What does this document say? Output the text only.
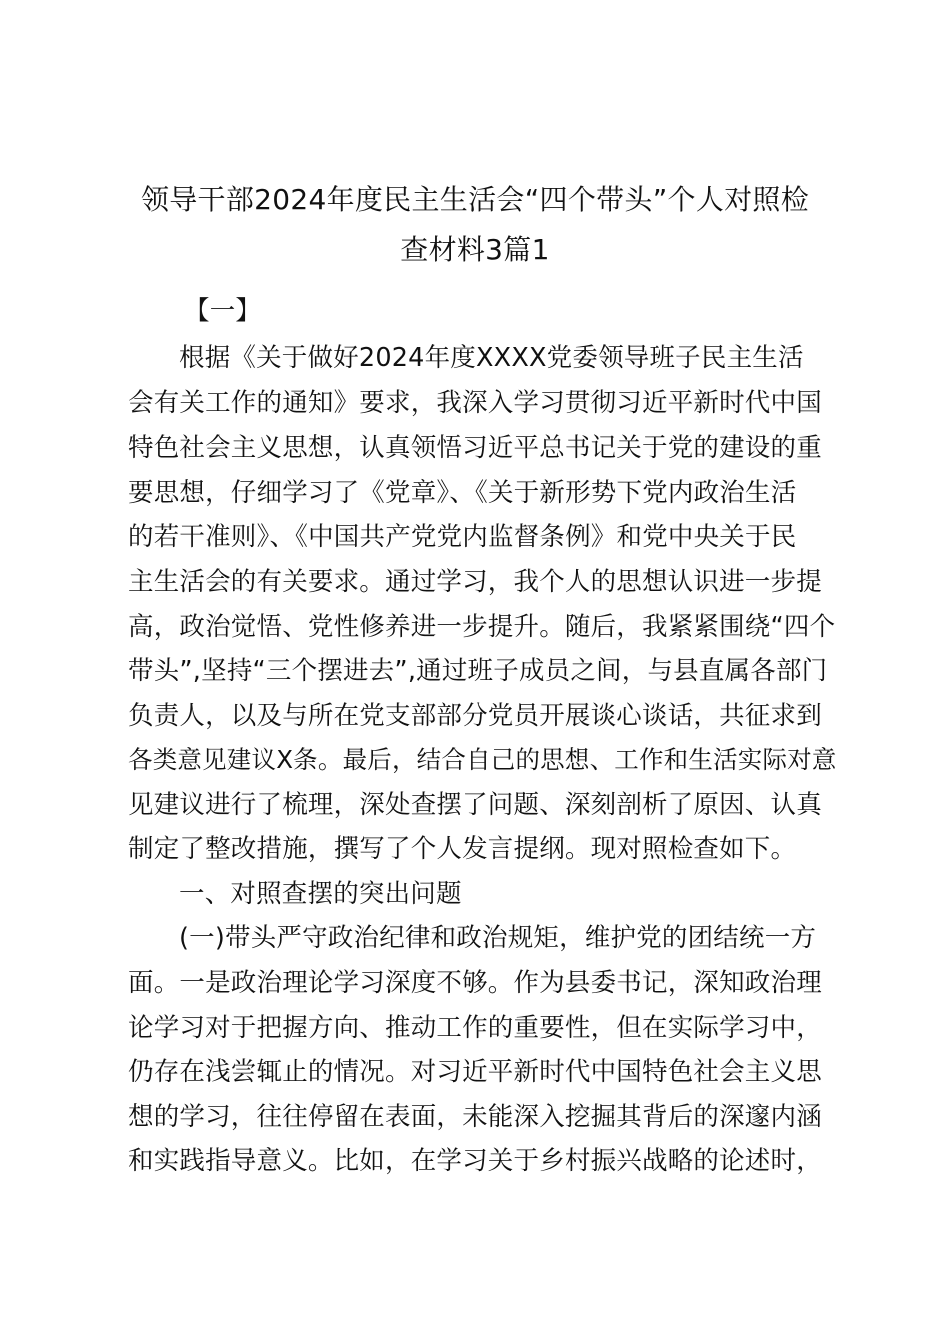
领导干部2024年度民主生活会“四个带头”个人对照检
查材料3篇1
【一】
根据《关于做好2024年度XXXX党委领导班子民主生活
会有关工作的通知》要求，我深入学习贯彻习近平新时代中国
特色社会主义思想，认真领悟习近平总书记关于党的建设的重
要思想，仔细学习了《党章》、《关于新形势下党内政治生活
的若干准则》、《中国共产党党内监督条例》和党中央关于民
主生活会的有关要求。通过学习，我个人的思想认识进一步提
高，政治觉悟、党性修养进一步提升。随后，我紧紧围绕“四个
带头”,坚持“三个摆进去”,通过班子成员之间，与县直属各部门
负责人，以及与所在党支部部分党员开展谈心谈话，共征求到
各类意见建议X条。最后，结合自己的思想、工作和生活实际对意
见建议进行了梳理，深处查摆了问题、深刻剖析了原因、认真
制定了整改措施，撰写了个人发言提纲。现对照检查如下。
一、对照查摆的突出问题
(一)带头严守政治纪律和政治规矩，维护党的团结统一方
面。一是政治理论学习深度不够。作为县委书记，深知政治理
论学习对于把握方向、推动工作的重要性，但在实际学习中，
仍存在浅尝辄止的情况。对习近平新时代中国特色社会主义思
想的学习，往往停留在表面，未能深入挖掘其背后的深邃内涵
和实践指导意义。比如，在学习关于乡村振兴战略的论述时，
